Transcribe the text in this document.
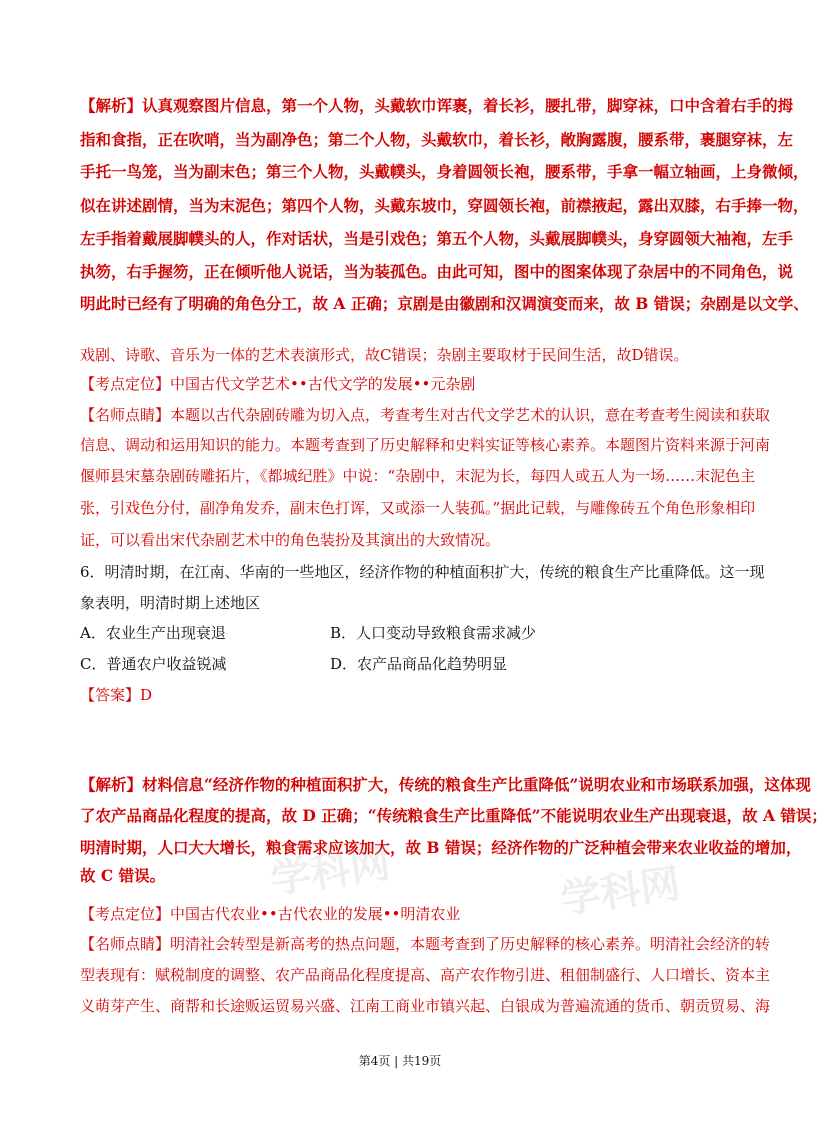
学科网	学科网
【解析】认真观察图片信息，第一个人物，头戴软巾诨裹，着长衫，腰扎带，脚穿袜，口中含着右手的拇
指和食指，正在吹哨，当为副净色；第二个人物，头戴软巾，着长衫，敞胸露腹，腰系带，裹腿穿袜，左
手托一鸟笼，当为副末色；第三个人物，头戴幞头，身着圆领长袍，腰系带，手拿一幅立轴画，上身微倾，
似在讲述剧情，当为末泥色；第四个人物，头戴东坡巾，穿圆领长袍，前襟掖起，露出双膝，右手捧一物，
左手指着戴展脚幞头的人，作对话状，当是引戏色；第五个人物，头戴展脚幞头，身穿圆领大袖袍，左手
执笏，右手握笏，正在倾听他人说话，当为装孤色。由此可知，图中的图案体现了杂居中的不同角色，说
明此时已经有了明确的角色分工，故 A 正确；京剧是由徽剧和汉调演变而来，故 B 错误；杂剧是以文学、
戏剧、诗歌、音乐为一体的艺术表演形式，故C错误；杂剧主要取材于民间生活，故D错误。
【考点定位】中国古代文学艺术••古代文学的发展••元杂剧
【名师点睛】本题以古代杂剧砖雕为切入点，考查考生对古代文学艺术的认识，意在考查考生阅读和获取
信息、调动和运用知识的能力。本题考查到了历史解释和史料实证等核心素养。本题图片资料来源于河南
偃师县宋墓杂剧砖雕拓片，《都城纪胜》中说：“杂剧中，末泥为长，每四人或五人为一场……末泥色主
张，引戏色分付，副净角发乔，副末色打诨，又或添一人装孤。”据此记载，与雕像砖五个角色形象相印
证，可以看出宋代杂剧艺术中的角色装扮及其演出的大致情况。
6．明清时期，在江南、华南的一些地区，经济作物的种植面积扩大，传统的粮食生产比重降低。这一现
象表明，明清时期上述地区
A．农业生产出现衰退	B．人口变动导致粮食需求减少
C．普通农户收益锐减	D．农产品商品化趋势明显
【答案】D
【解析】材料信息“经济作物的种植面积扩大，传统的粮食生产比重降低”说明农业和市场联系加强，这体现
了农产品商品化程度的提高，故 D 正确；“传统粮食生产比重降低”不能说明农业生产出现衰退，故 A 错误；
明清时期，人口大大增长，粮食需求应该加大，故 B 错误；经济作物的广泛种植会带来农业收益的增加，
故 C 错误。
【考点定位】中国古代农业••古代农业的发展••明清农业
【名师点睛】明清社会转型是新高考的热点问题，本题考查到了历史解释的核心素养。明清社会经济的转
型表现有：赋税制度的调整、农产品商品化程度提高、高产农作物引进、租佃制盛行、人口增长、资本主
义萌芽产生、商帮和长途贩运贸易兴盛、江南工商业市镇兴起、白银成为普遍流通的货币、朝贡贸易、海
第4页 | 共19页
